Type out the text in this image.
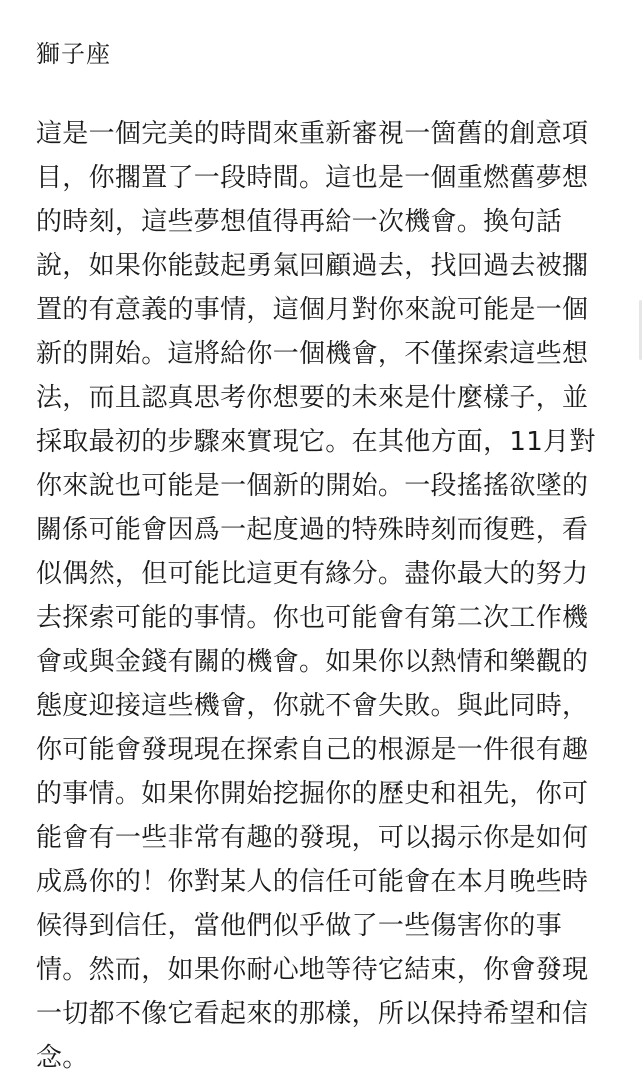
獅子座
這是一個完美的時間來重新審視一箇舊的創意項
目，你擱置了一段時間。這也是一個重燃舊夢想
的時刻，這些夢想值得再給一次機會。換句話
說，如果你能鼓起勇氣回顧過去，找回過去被擱
置的有意義的事情，這個月對你來說可能是一個
新的開始。這將給你一個機會，不僅探索這些想
法，而且認真思考你想要的未來是什麼樣子，並
採取最初的步驟來實現它。在其他方面，11月對
你來說也可能是一個新的開始。一段搖搖欲墜的
關係可能會因爲一起度過的特殊時刻而復甦，看
似偶然，但可能比這更有緣分。盡你最大的努力
去探索可能的事情。你也可能會有第二次工作機
會或與金錢有關的機會。如果你以熱情和樂觀的
態度迎接這些機會，你就不會失敗。與此同時，
你可能會發現現在探索自己的根源是一件很有趣
的事情。如果你開始挖掘你的歷史和祖先，你可
能會有一些非常有趣的發現，可以揭示你是如何
成爲你的！你對某人的信任可能會在本月晚些時
候得到信任，當他們似乎做了一些傷害你的事
情。然而，如果你耐心地等待它結束，你會發現
一切都不像它看起來的那樣，所以保持希望和信
念。
